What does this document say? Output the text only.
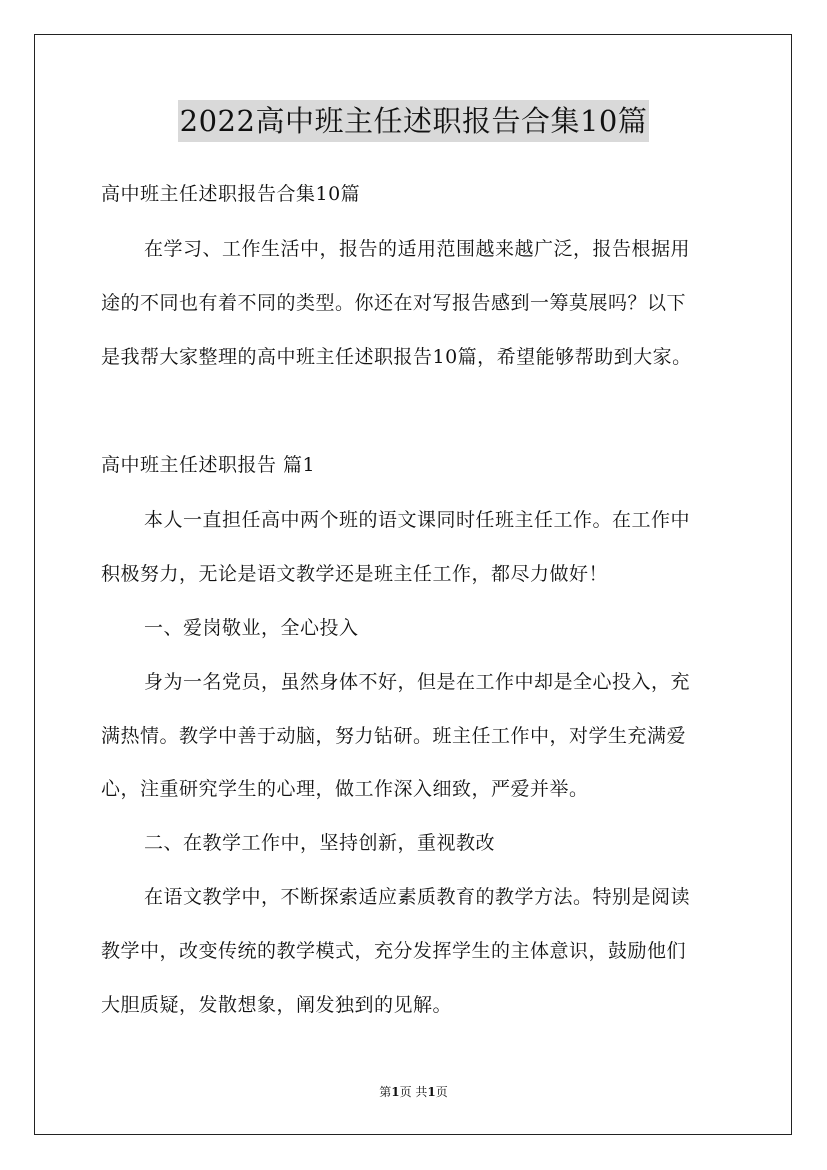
2022高中班主任述职报告合集10篇
高中班主任述职报告合集10篇
在学习、工作生活中，报告的适用范围越来越广泛，报告根据用
途的不同也有着不同的类型。你还在对写报告感到一筹莫展吗？以下
是我帮大家整理的高中班主任述职报告10篇，希望能够帮助到大家。
高中班主任述职报告 篇1
本人一直担任高中两个班的语文课同时任班主任工作。在工作中
积极努力，无论是语文教学还是班主任工作，都尽力做好！
一、爱岗敬业，全心投入
身为一名党员，虽然身体不好，但是在工作中却是全心投入，充
满热情。教学中善于动脑，努力钻研。班主任工作中，对学生充满爱
心，注重研究学生的心理，做工作深入细致，严爱并举。
二、在教学工作中，坚持创新，重视教改
在语文教学中，不断探索适应素质教育的教学方法。特别是阅读
教学中，改变传统的教学模式，充分发挥学生的主体意识，鼓励他们
大胆质疑，发散想象，阐发独到的见解。
第1页 共1页
